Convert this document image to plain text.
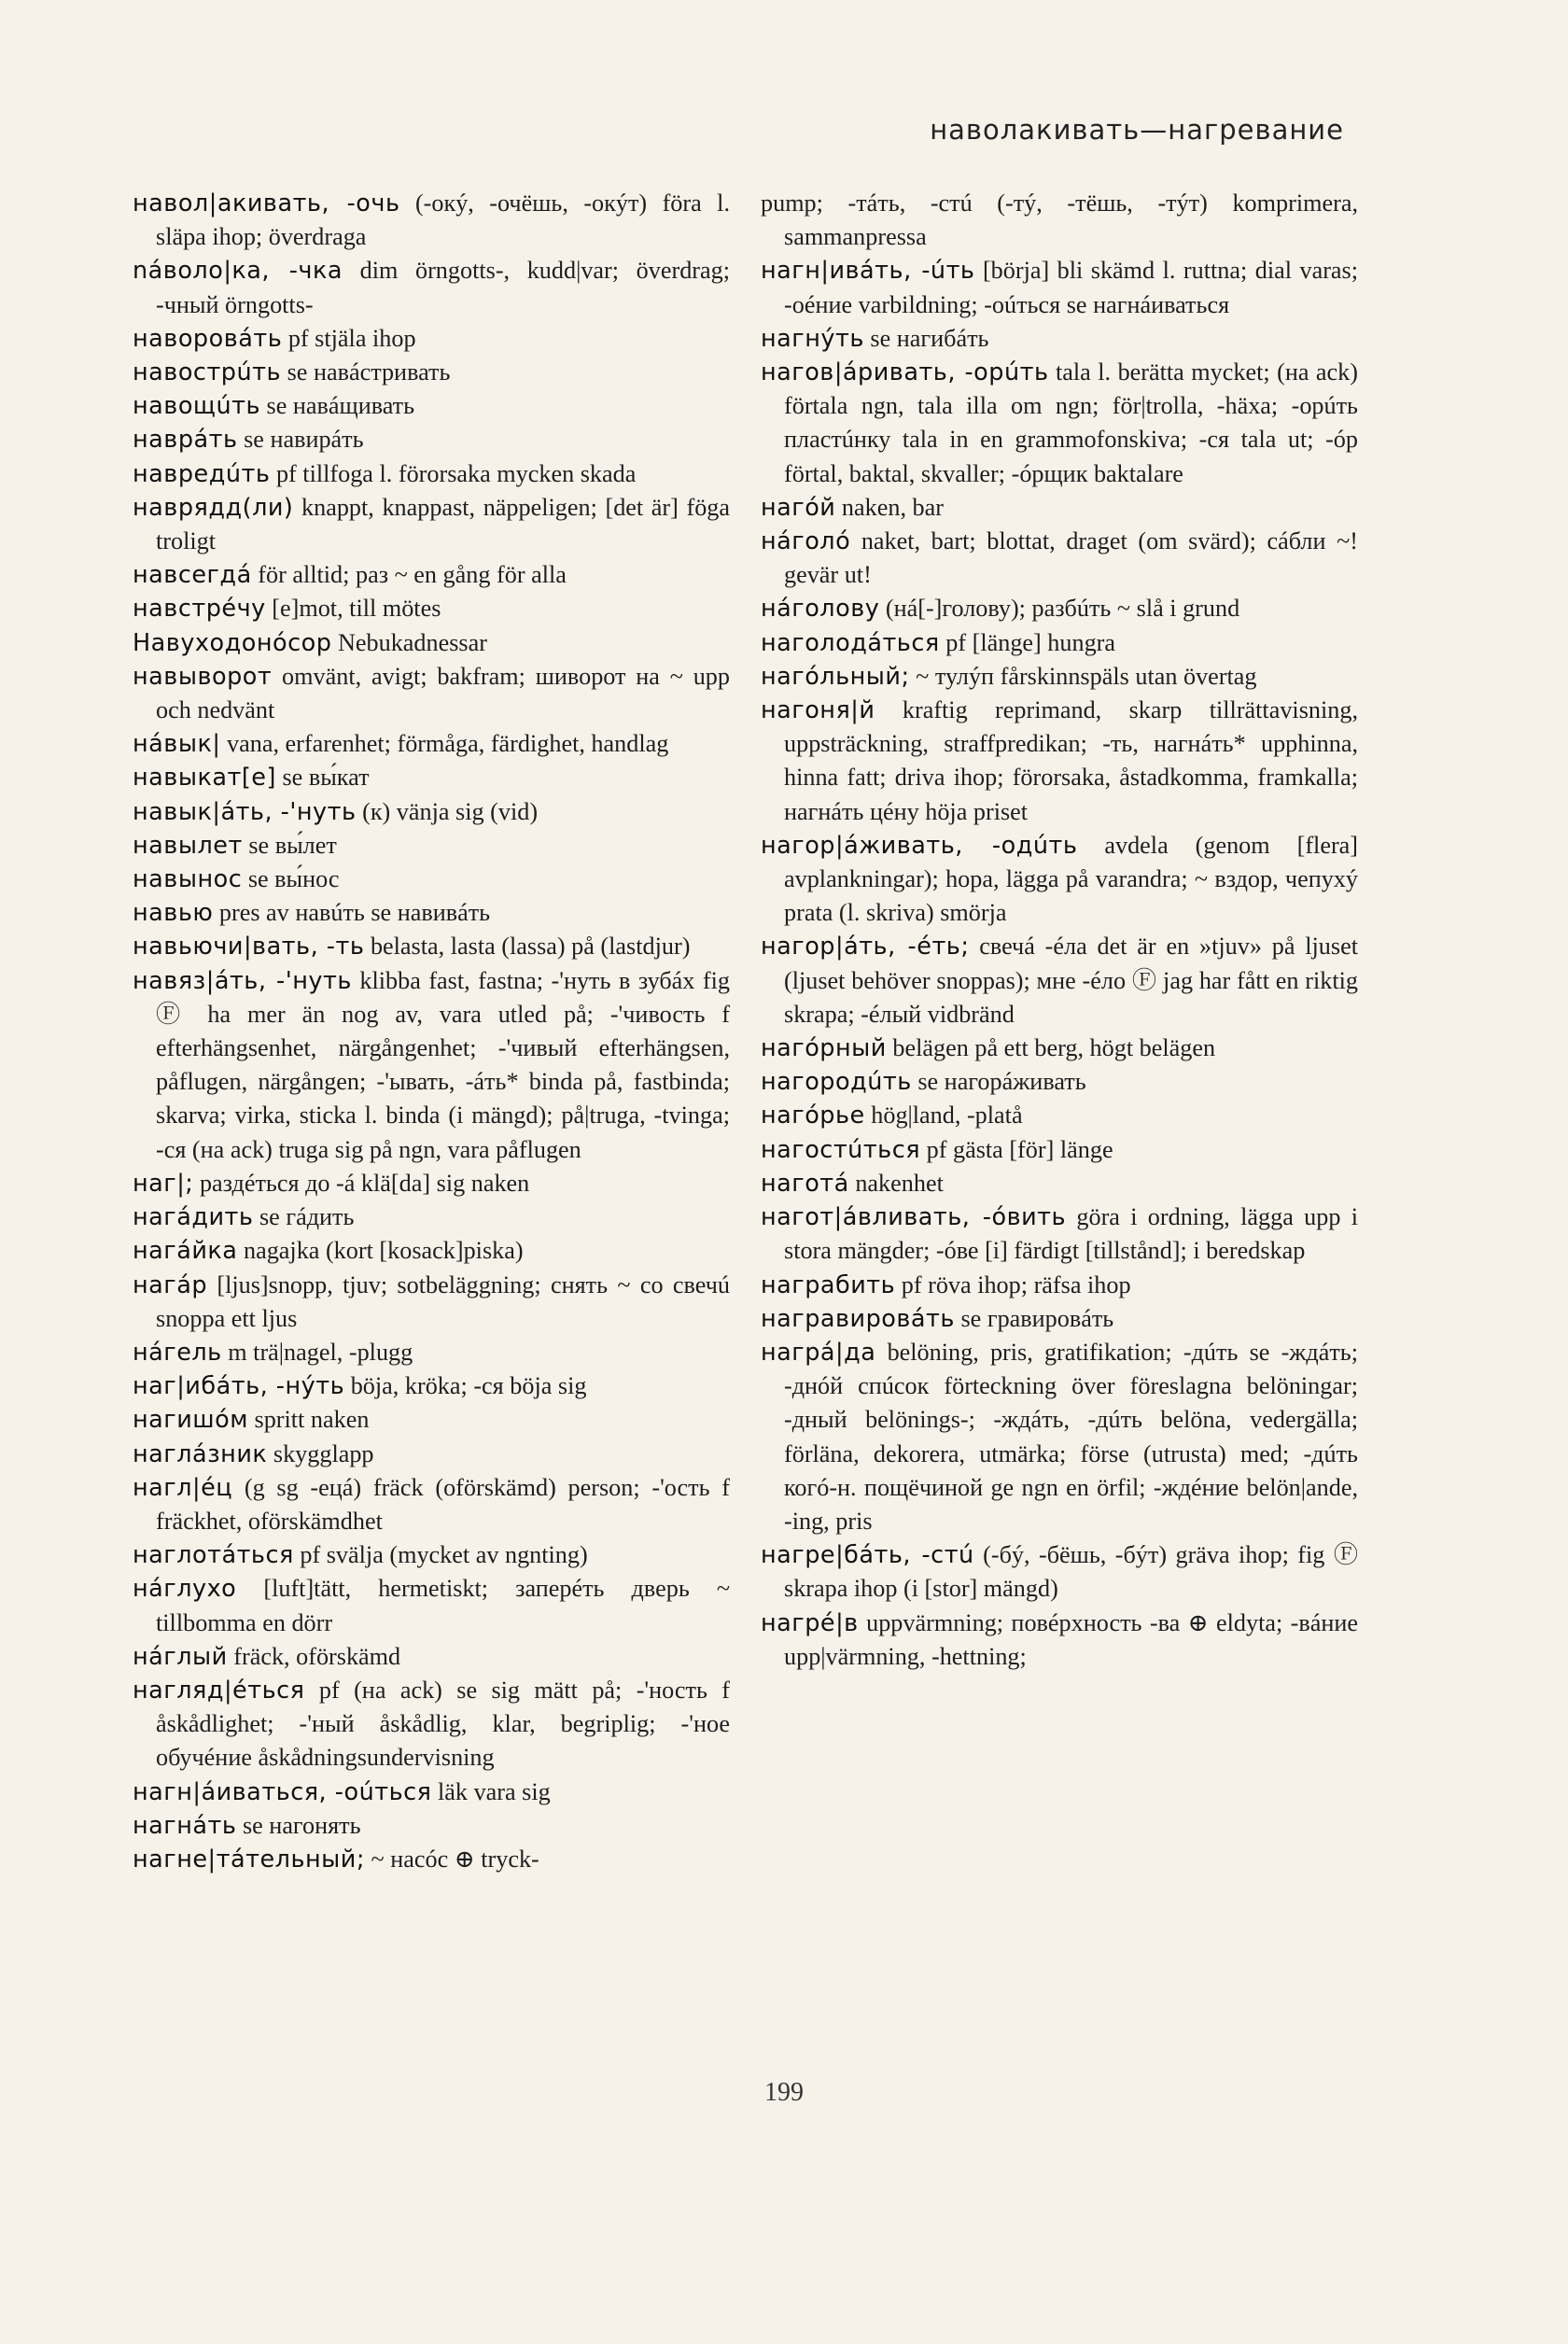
наволакивать—нагревание
навол|акивать, -очь (-окý, -очёшь, -окýт) föra l. släpa ihop; överdraga
náволо|ка, -чка dim örngotts-, kudd|var; överdrag; -чный örngotts-
наворовáть pf stjäla ihop
навострúть se навáстривать
навощúть se навáщивать
наврáть se навирáть
навредúть pf tillfoga l. förorsaka mycken skada
наврядд(ли) knappt, knappast, näppeligen; [det är] föga troligt
навсегдá för alltid; раз ~ en gång för alla
навстрéчу [e]mot, till mötes
Навуходонóсор Nebukadnessar
навыворот omvänt, avigt; bakfram; шиворот на ~ upp och nedvänt
нáвык| vana, erfarenhet; förmåga, färdighet, handlag
навыкат[е] se вы́кат
навык|áть, -'нуть (к) vänja sig (vid)
навылет se вы́лет
навынос se вы́нос
навью pres av навúть se навивáть
навьючи|вать, -ть belasta, lasta (lassa) på (lastdjur)
навяз|áть, -'нуть klibba fast, fastna; -'нуть в зубáх fig Ⓕ ha mer än nog av, vara utled på; -'чивость f efterhängsenhet, närgångenhet; -'чивый efterhängsen, påflugen, närgången; -'ывать, -áть* binda på, fastbinda; skarva; virka, sticka l. binda (i mängd); på|truga, -tvinga; -ся (на ack) truga sig på ngn, vara påflugen
наг|; раздéться до -á klä[da] sig naken
нагáдить se гáдить
нагáйка nagajka (kort [kosack]piska)
нагáр [ljus]snopp, tjuv; sotbeläggning; снять ~ со свечú snoppa ett ljus
нáгель m trä|nagel, -plugg
наг|ибáть, -нýть böja, kröka; -ся böja sig
нагишóм spritt naken
наглáзник skygglapp
нагл|éц (g sg -ецá) fräck (oförskämd) person; -'ость f fräckhet, oförskämdhet
наглотáться pf svälja (mycket av ngnting)
нáглухо [luft]tätt, hermetiskt; заперéть дверь ~ tillbomma en dörr
нáглый fräck, oförskämd
нагляд|éться pf (на ack) se sig mätt på; -'ность f åskådlighet; -'ный åskådlig, klar, begriplig; -'ное обучéние åskådningsundervisning
нагн|áиваться, -оúться läk vara sig
нагнáть se нагонять
нагне|тáтельный; ~ насóс ⊕ tryck-
pump; -тáть, -стú (-тý, -тёшь, -тýт) komprimera, sammanpressa
нагн|ивáть, -úть [börja] bli skämd l. ruttna; dial varas; -оéние varbildning; -оúться se нагнáиваться
нагнýть se нагибáть
нагов|áривать, -орúть tala l. berätta mycket; (на ack) förtala ngn, tala illa om ngn; för|trolla, -häxa; -орúть пластúнку tala in en grammofonskiva; -ся tala ut; -óр förtal, baktal, skvaller; -óрщик baktalare
нагóй naken, bar
нáголó naket, bart; blottat, draget (om svärd); сáбли ~! gevär ut!
нáголову (нá[-]голову); разбúть ~ slå i grund
наголодáться pf [länge] hungra
нагóльный; ~ тулýп fårskinnspäls utan övertag
нагоня|й kraftig reprimand, skarp tillrättavisning, uppsträckning, straffpredikan; -ть, нагнáть* upphinna, hinna fatt; driva ihop; förorsaka, åstadkomma, framkalla; нагнáть цéну höja priset
нагор|áживать, -одúть avdela (genom [flera] avplankningar); hopa, lägga på varandra; ~ вздор, чепухý prata (l. skriva) smörja
нагор|áть, -éть; свечá -éла det är en »tjuv» på ljuset (ljuset behöver snoppas); мне -éло Ⓕ jag har fått en riktig skrapa; -éлый vidbränd
нагóрный belägen på ett berg, högt belägen
нагородúть se нагорáживать
нагóрье hög|land, -platå
нагостúться pf gästa [för] länge
наготá nakenhet
нагот|áвливать, -óвить göra i ordning, lägga upp i stora mängder; -óве [i] färdigt [tillstånd]; i beredskap
награбить pf röva ihop; räfsa ihop
награвировáть se гравировáть
нагрá|да belöning, pris, gratifikation; -дúть se -ждáть; -днóй спúсок förteckning över föreslagna belöningar; -дный belönings-; -ждáть, -дúть belöna, vedergälla; förläna, dekorera, utmärka; förse (utrusta) med; -дúть когó-н. пощёчиной ge ngn en örfil; -ждéние belön|ande, -ing, pris
нагре|бáть, -стú (-бý, -бёшь, -бýт) gräva ihop; fig Ⓕ skrapa ihop (i [stor] mängd)
нагрé|в uppvärmning; повéрхность -ва ⊕ eldyta; -вáние upp|värmning, -hettning;
199
